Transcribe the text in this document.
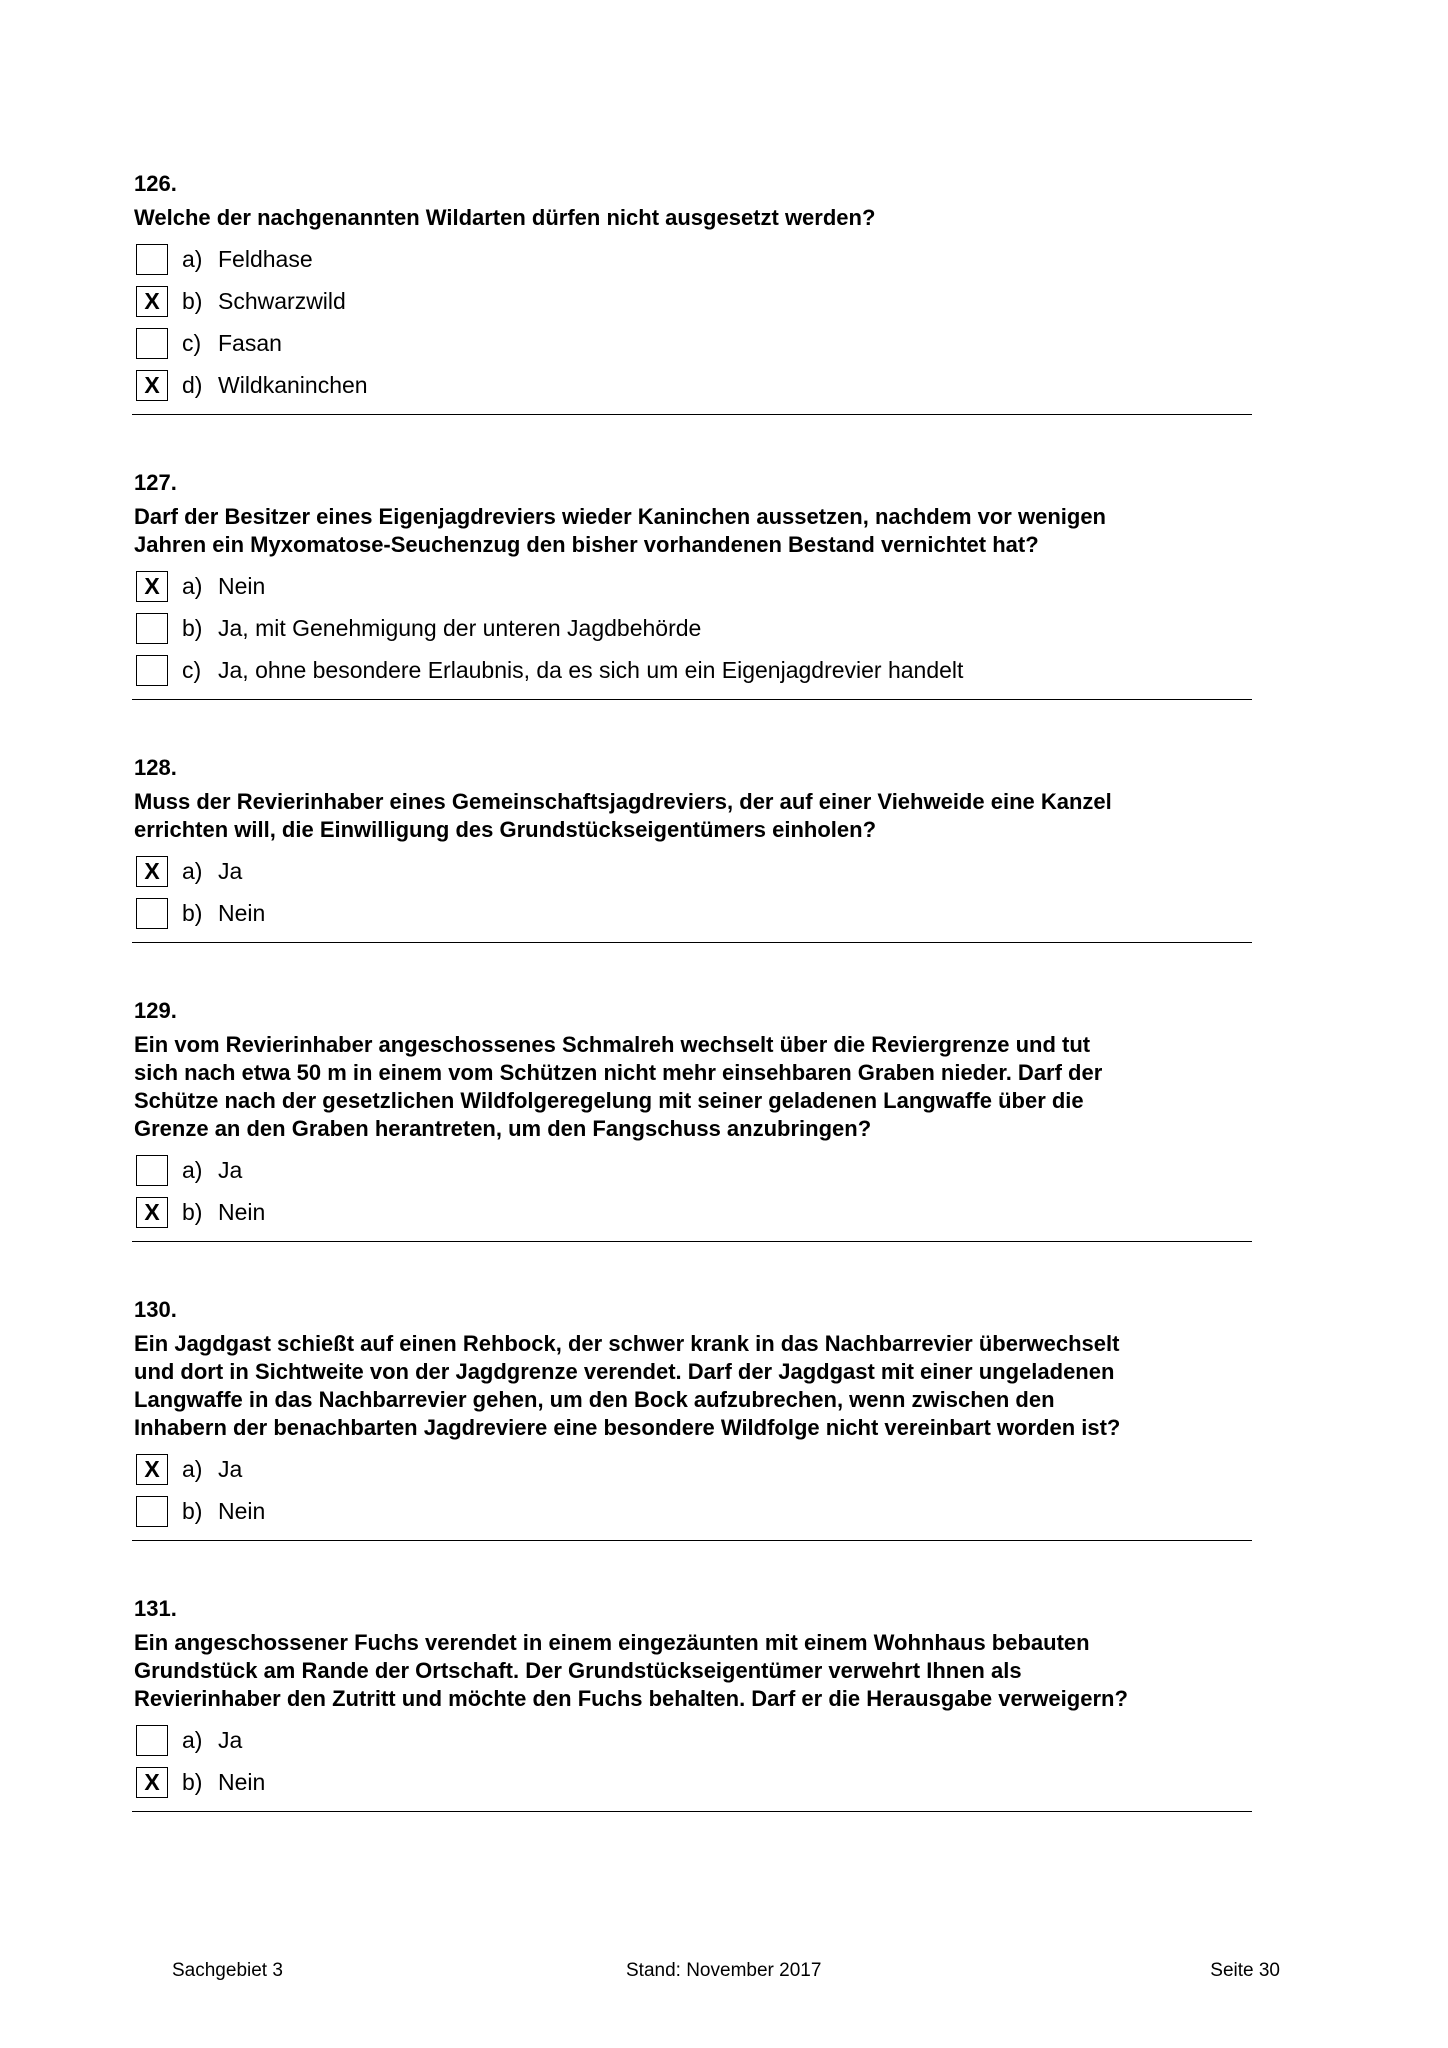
126.
Welche der nachgenannten Wildarten dürfen nicht ausgesetzt werden?
a) Feldhase
X b) Schwarzwild
c) Fasan
X d) Wildkaninchen
127.
Darf der Besitzer eines Eigenjagdreviers wieder Kaninchen aussetzen, nachdem vor wenigen
Jahren ein Myxomatose-Seuchenzug den bisher vorhandenen Bestand vernichtet hat?
X a) Nein
b) Ja, mit Genehmigung der unteren Jagdbehörde
c) Ja, ohne besondere Erlaubnis, da es sich um ein Eigenjagdrevier handelt
128.
Muss der Revierinhaber eines Gemeinschaftsjagdreviers, der auf einer Viehweide eine Kanzel
errichten will, die Einwilligung des Grundstückseigentümers einholen?
X a) Ja
b) Nein
129.
Ein vom Revierinhaber angeschossenes Schmalreh wechselt über die Reviergrenze und tut
sich nach etwa 50 m in einem vom Schützen nicht mehr einsehbaren Graben nieder. Darf der
Schütze nach der gesetzlichen Wildfolgeregelung mit seiner geladenen Langwaffe über die
Grenze an den Graben herantreten, um den Fangschuss anzubringen?
a) Ja
X b) Nein
130.
Ein Jagdgast schießt auf einen Rehbock, der schwer krank in das Nachbarrevier überwechselt
und dort in Sichtweite von der Jagdgrenze verendet. Darf der Jagdgast mit einer ungeladenen
Langwaffe in das Nachbarrevier gehen, um den Bock aufzubrechen, wenn zwischen den
Inhabern der benachbarten Jagdreviere eine besondere Wildfolge nicht vereinbart worden ist?
X a) Ja
b) Nein
131.
Ein angeschossener Fuchs verendet in einem eingezäunten mit einem Wohnhaus bebauten
Grundstück am Rande der Ortschaft. Der Grundstückseigentümer verwehrt Ihnen als
Revierinhaber den Zutritt und möchte den Fuchs behalten. Darf er die Herausgabe verweigern?
a) Ja
X b) Nein
Sachgebiet 3	Stand: November 2017	Seite 30
